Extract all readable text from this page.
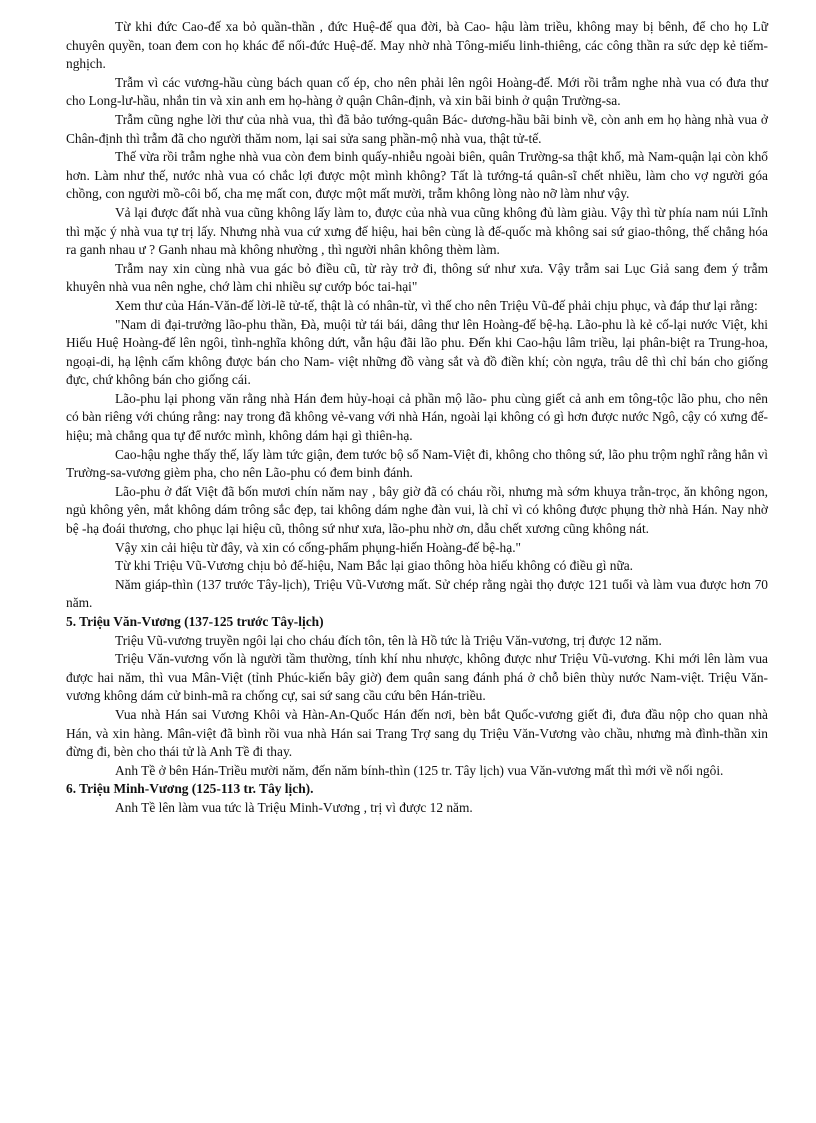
Từ khi đức Cao-đế xa bỏ quần-thần , đức Huệ-đế qua đời, bà Cao- hậu làm triều, không may bị bênh, để cho họ Lữ chuyên quyền, toan đem con họ khác để nối-đức Huệ-đế. May nhờ nhà Tông-miếu linh-thiêng, các công thần ra sức dẹp kẻ tiếm-nghịch.

Trẫm vì các vương-hầu cùng bách quan cố ép, cho nên phải lên ngôi Hoàng-đế. Mới rồi trẫm nghe nhà vua có đưa thư cho Long-lư-hầu, nhắn tin và xin anh em họ-hàng ở quận Chân-định, và xin bãi binh ở quận Trường-sa.

Trẫm cũng nghe lời thư của nhà vua, thì đã bảo tướng-quân Bác- dương-hầu bãi binh về, còn anh em họ hàng nhà vua ở Chân-định thì trẫm đã cho người thăm nom, lại sai sửa sang phần-mộ nhà vua, thật tử-tế.

Thế vừa rồi trẫm nghe nhà vua còn đem binh quấy-nhiễu ngoài biên, quân Trường-sa thật khổ, mà Nam-quận lại còn khổ hơn. Làm như thế, nước nhà vua có chắc lợi được một mình không? Tất là tướng-tá quân-sĩ chết nhiều, làm cho vợ người góa chồng, con người mồ-côi bố, cha mẹ mất con, được một mất mười, trẫm không lòng nào nỡ làm như vậy.

Vả lại được đất nhà vua cũng không lấy làm to, được của nhà vua cũng không đủ làm giàu. Vậy thì từ phía nam núi Lĩnh thì mặc ý nhà vua tự trị lấy. Nhưng nhà vua cứ xưng đế hiệu, hai bên cùng là đế-quốc mà không sai sứ giao-thông, thế chẳng hóa ra ganh nhau ư ? Ganh nhau mà không nhường , thì người nhân không thèm làm.

Trẫm nay xin cùng nhà vua gác bỏ điều cũ, từ rày trở đi, thông sứ như xưa. Vậy trẫm sai Lục Giả sang đem ý trẫm khuyên nhà vua nên nghe, chớ làm chi nhiều sự cướp bóc tai-hại"

Xem thư của Hán-Văn-đế lời-lẽ tử-tế, thật là có nhân-từ, vì thế cho nên Triệu Vũ-đế phải chịu phục, và đáp thư lại rằng:

"Nam di đại-trưởng lão-phu thần, Đà, muội tử tái bái, dâng thư lên Hoàng-đế bệ-hạ. Lão-phu là kẻ cố-lại nước Việt, khi Hiếu Huệ Hoàng-đế lên ngôi, tình-nghĩa không dứt, vẫn hậu đãi lão phu. Đến khi Cao-hậu lâm triều, lại phân-biệt ra Trung-hoa, ngoại-di, hạ lệnh cấm không được bán cho Nam- việt những đồ vàng sắt và đồ điền khí; còn ngựa, trâu dê thì chỉ bán cho giống đực, chứ không bán cho giống cái.

Lão-phu lại phong văn rằng nhà Hán đem hủy-hoại cả phần mộ lão- phu cùng giết cả anh em tông-tộc lão phu, cho nên có bàn riêng với chúng rằng: nay trong đã không vẻ-vang với nhà Hán, ngoài lại không có gì hơn được nước Ngô, cậy có xưng đế-hiệu; mà chẳng qua tự để nước mình, không dám hại gì thiên-hạ.

Cao-hậu nghe thấy thế, lấy làm tức giận, đem tước bộ sổ Nam-Việt đi, không cho thông sứ, lão phu trộm nghĩ rằng hẳn vì Trường-sa-vương gièm pha, cho nên Lão-phu có đem binh đánh.

Lão-phu ở đất Việt đã bốn mươi chín năm nay , bây giờ đã có cháu rồi, nhưng mà sớm khuya trằn-trọc, ăn không ngon, ngủ không yên, mắt không dám trông sắc đẹp, tai không dám nghe đàn vui, là chỉ vì có không được phụng thờ nhà Hán. Nay nhờ bệ -hạ đoái thương, cho phục lại hiệu cũ, thông sứ như xưa, lão-phu nhờ ơn, dẫu chết xương cũng không nát.

Vậy xin cải hiệu từ đây, và xin có cống-phẩm phụng-hiến Hoàng-đế bệ-hạ."

Từ khi Triệu Vũ-Vương chịu bỏ đế-hiệu, Nam Bắc lại giao thông hòa hiếu không có điều gì nữa.

Năm giáp-thìn (137 trước Tây-lịch), Triệu Vũ-Vương mất. Sử chép rằng ngài thọ được 121 tuổi và làm vua được hơn 70 năm.

5. Triệu Văn-Vương (137-125 trước Tây-lịch)

Triệu Vũ-vương truyền ngôi lại cho cháu đích tôn, tên là Hồ tức là Triệu Văn-vương, trị được 12 năm.

Triệu Văn-vương vốn là người tầm thường, tính khí nhu nhược, không được như Triệu Vũ-vương. Khi mới lên làm vua được hai năm, thì vua Mân-Việt (tỉnh Phúc-kiến bây giờ) đem quân sang đánh phá ở chỗ biên thùy nước Nam-việt. Triệu Văn-vương không dám cử binh-mã ra chống cự, sai sứ sang cầu cứu bên Hán-triều.

Vua nhà Hán sai Vương Khôi và Hàn-An-Quốc Hán đến nơi, bèn bắt Quốc-vương giết đi, đưa đầu nộp cho quan nhà Hán, và xin hàng. Mân-việt đã bình rồi vua nhà Hán sai Trang Trợ sang dụ Triệu Văn-Vương vào chầu, nhưng mà đình-thần xin đừng đi, bèn cho thái tử là Anh Tề đi thay.

Anh Tề ở bên Hán-Triều mười năm, đến năm bính-thìn (125 tr. Tây lịch) vua Văn-vương mất thì mới về nối ngôi.

6. Triệu Minh-Vương (125-113 tr. Tây lịch).

Anh Tề lên làm vua tức là Triệu Minh-Vương , trị vì được 12 năm.
